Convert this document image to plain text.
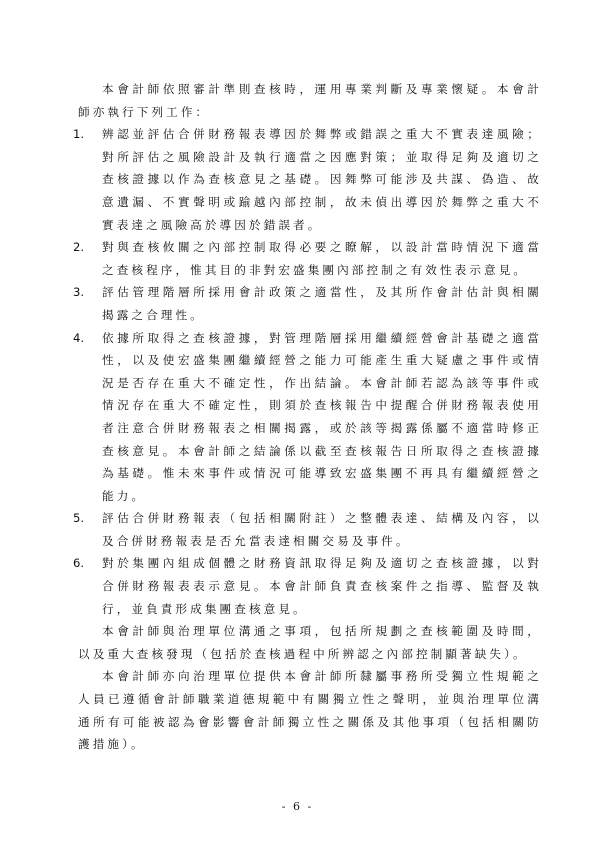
本會計師依照審計準則查核時，運用專業判斷及專業懷疑。本會計師亦執行下列工作：

1.	辨認並評估合併財務報表導因於舞弊或錯誤之重大不實表達風險；對所評估之風險設計及執行適當之因應對策；並取得足夠及適切之查核證據以作為查核意見之基礎。因舞弊可能涉及共謀、偽造、故意遺漏、不實聲明或踰越內部控制，故未偵出導因於舞弊之重大不實表達之風險高於導因於錯誤者。
2.	對與查核攸關之內部控制取得必要之瞭解，以設計當時情況下適當之查核程序，惟其目的非對宏盛集團內部控制之有效性表示意見。
3.	評估管理階層所採用會計政策之適當性，及其所作會計估計與相關揭露之合理性。
4.	依據所取得之查核證據，對管理階層採用繼續經營會計基礎之適當性，以及使宏盛集團繼續經營之能力可能產生重大疑慮之事件或情況是否存在重大不確定性，作出結論。本會計師若認為該等事件或情況存在重大不確定性，則須於查核報告中提醒合併財務報表使用者注意合併財務報表之相關揭露，或於該等揭露係屬不適當時修正查核意見。本會計師之結論係以截至查核報告日所取得之查核證據為基礎。惟未來事件或情況可能導致宏盛集團不再具有繼續經營之能力。
5.	評估合併財務報表（包括相關附註）之整體表達、結構及內容，以及合併財務報表是否允當表達相關交易及事件。
6.	對於集團內組成個體之財務資訊取得足夠及適切之查核證據，以對合併財務報表表示意見。本會計師負責查核案件之指導、監督及執行，並負責形成集團查核意見。

本會計師與治理單位溝通之事項，包括所規劃之查核範圍及時間，以及重大查核發現（包括於查核過程中所辨認之內部控制顯著缺失）。

本會計師亦向治理單位提供本會計師所隸屬事務所受獨立性規範之人員已遵循會計師職業道德規範中有關獨立性之聲明，並與治理單位溝通所有可能被認為會影響會計師獨立性之關係及其他事項（包括相關防護措施）。

- 6 -
